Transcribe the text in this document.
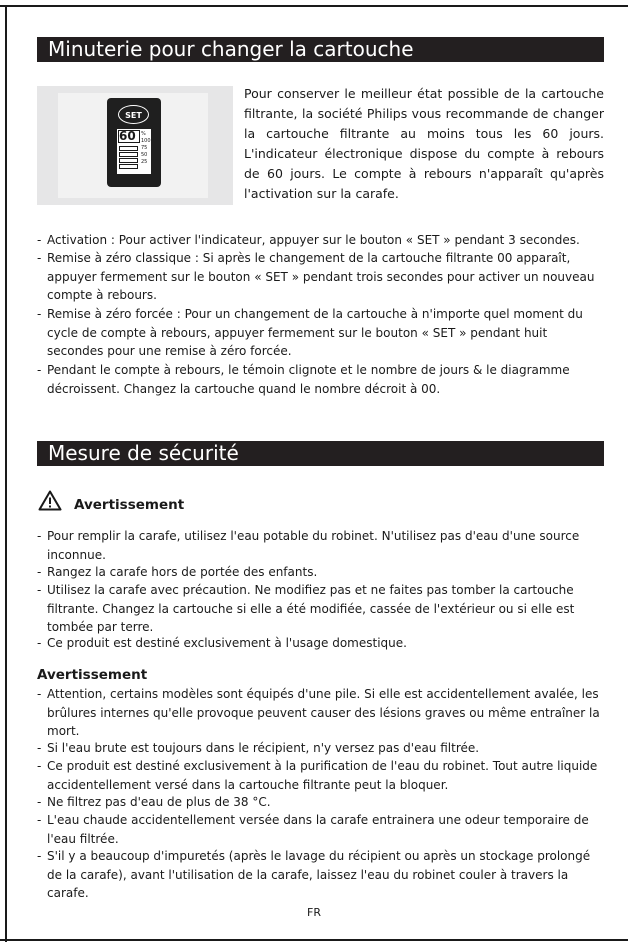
Minuterie pour changer la cartouche
SET
60 %
100
75
50
25
Pour conserver le meilleur état possible de la cartouche filtrante, la société Philips vous recommande de changer la cartouche filtrante au moins tous les 60 jours. L'indicateur électronique dispose du compte à rebours de 60 jours. Le compte à rebours n'apparaît qu'après l'activation sur la carafe.
- Activation : Pour activer l'indicateur, appuyer sur le bouton « SET » pendant 3 secondes.
- Remise à zéro classique : Si après le changement de la cartouche filtrante 00 apparaît, appuyer fermement sur le bouton « SET » pendant trois secondes pour activer un nouveau compte à rebours.
- Remise à zéro forcée : Pour un changement de la cartouche à n'importe quel moment du cycle de compte à rebours, appuyer fermement sur le bouton « SET » pendant huit secondes pour une remise à zéro forcée.
- Pendant le compte à rebours, le témoin clignote et le nombre de jours & le diagramme décroissent. Changez la cartouche quand le nombre décroit à 00.
Mesure de sécurité
Avertissement
- Pour remplir la carafe, utilisez l'eau potable du robinet. N'utilisez pas d'eau d'une source inconnue.
- Rangez la carafe hors de portée des enfants.
- Utilisez la carafe avec précaution. Ne modifiez pas et ne faites pas tomber la cartouche filtrante. Changez la cartouche si elle a été modifiée, cassée de l'extérieur ou si elle est tombée par terre.
- Ce produit est destiné exclusivement à l'usage domestique.
Avertissement
- Attention, certains modèles sont équipés d'une pile. Si elle est accidentellement avalée, les brûlures internes qu'elle provoque peuvent causer des lésions graves ou même entraîner la mort.
- Si l'eau brute est toujours dans le récipient, n'y versez pas d'eau filtrée.
- Ce produit est destiné exclusivement à la purification de l'eau du robinet. Tout autre liquide accidentellement versé dans la cartouche filtrante peut la bloquer.
- Ne filtrez pas d'eau de plus de 38 °C.
- L'eau chaude accidentellement versée dans la carafe entrainera une odeur temporaire de l'eau filtrée.
- S'il y a beaucoup d'impuretés (après le lavage du récipient ou après un stockage prolongé de la carafe), avant l'utilisation de la carafe, laissez l'eau du robinet couler à travers la carafe.
FR
